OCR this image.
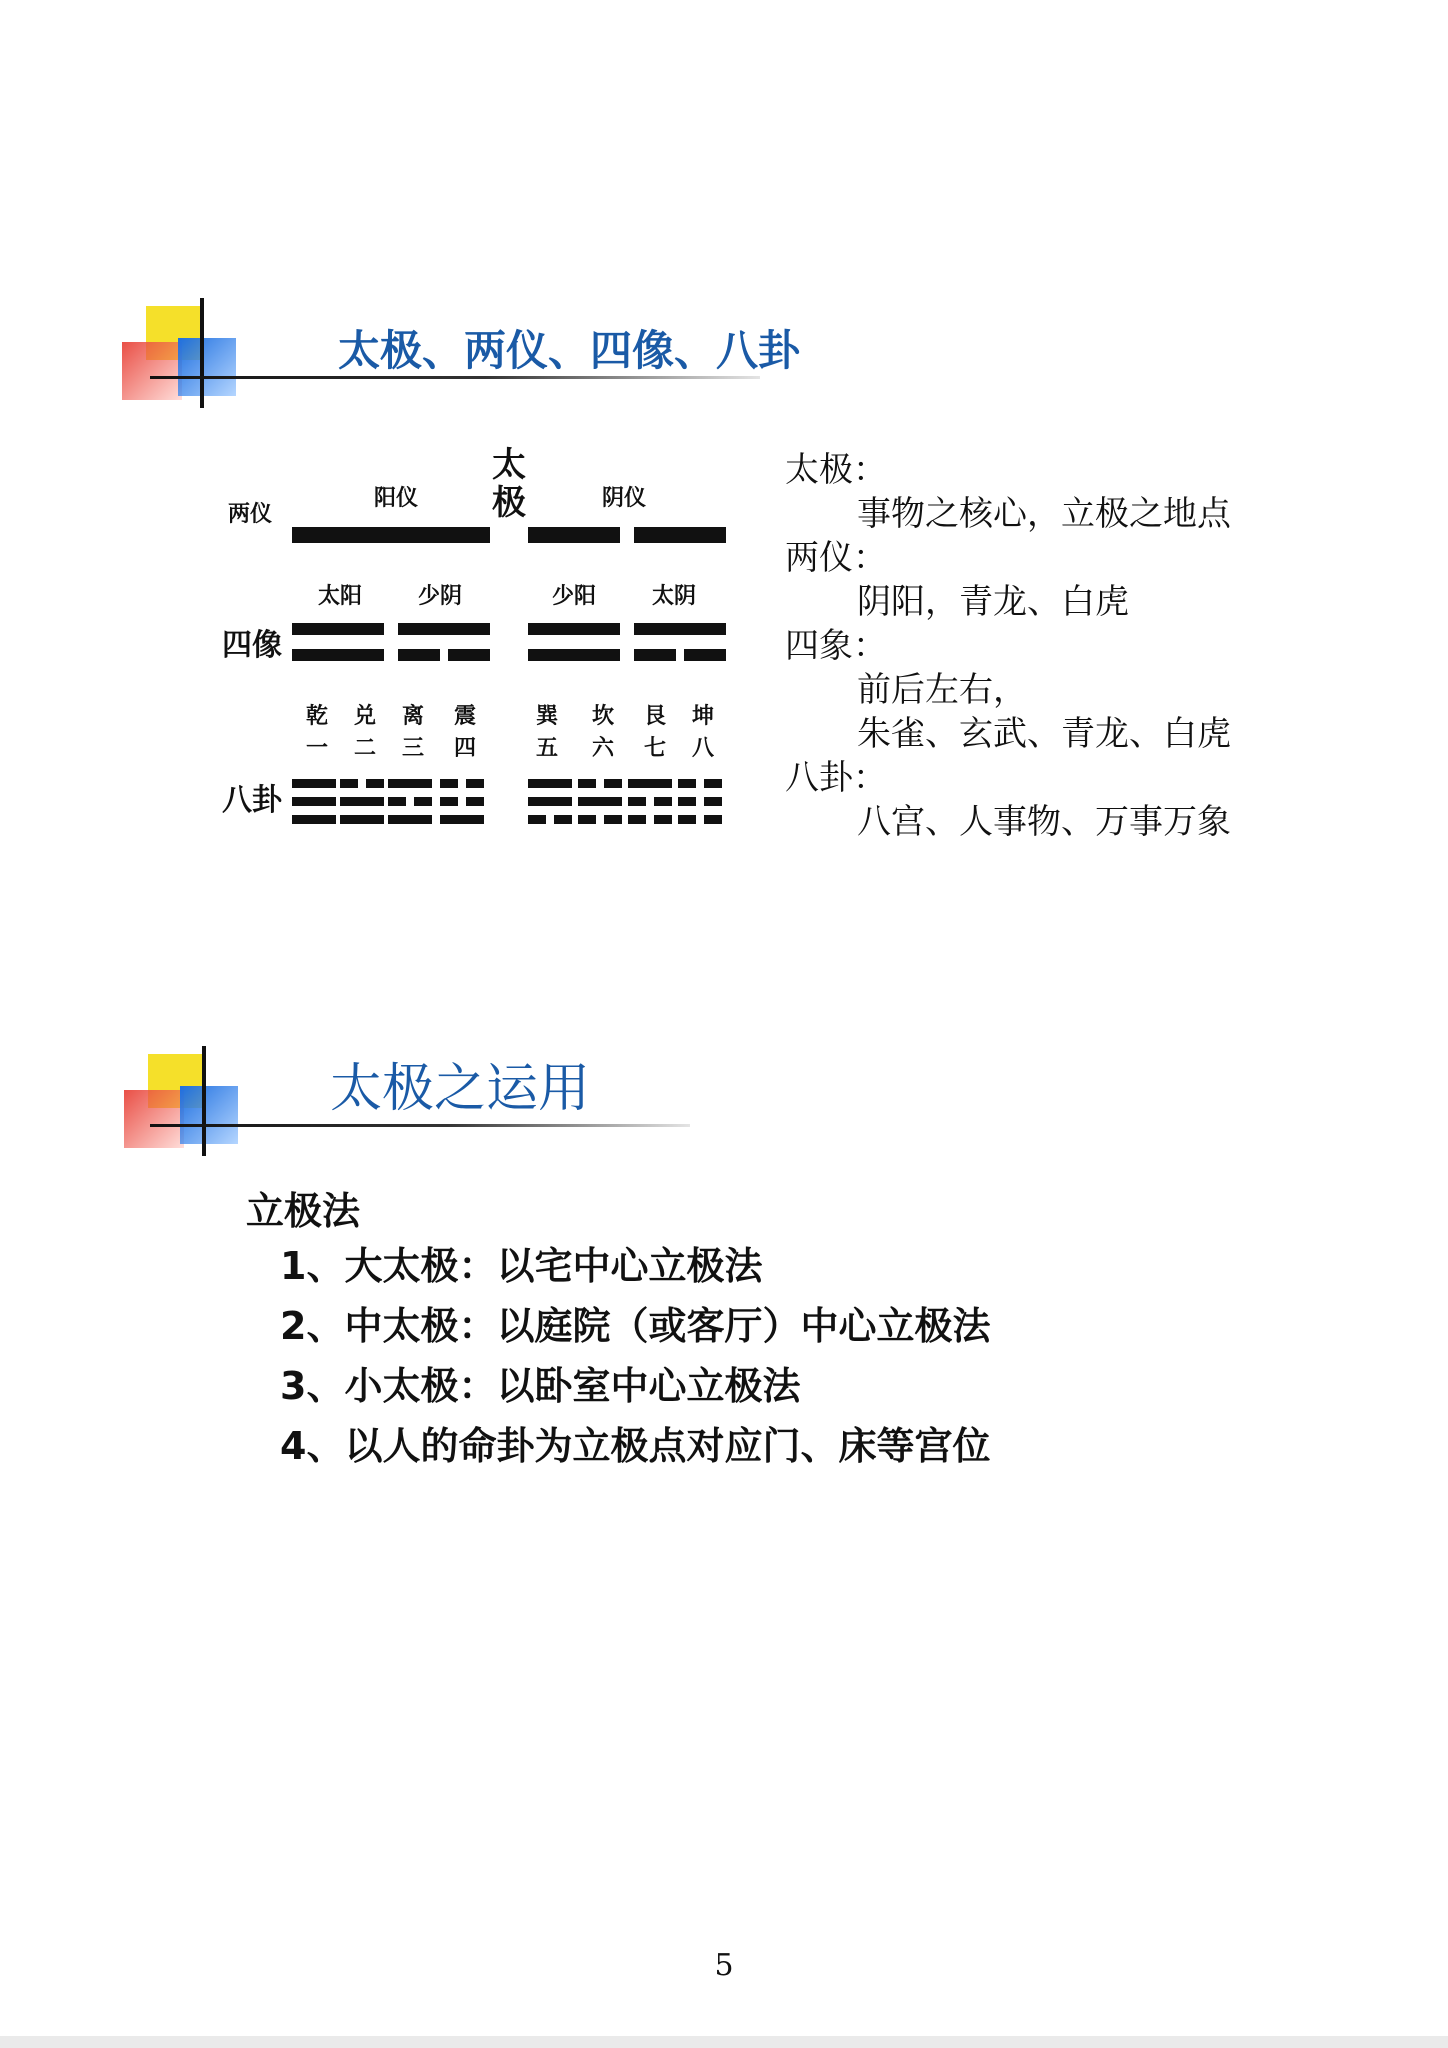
太极、两仪、四像、八卦
太
极
两仪
阳仪	阴仪
四像
太阳	少阴	少阳	太阴
八卦
乾
一
兑
二
离
三
震
四
巽
五
坎
六
艮
七
坤
八
太极：
事物之核心，立极之地点
两仪：
阴阳，青龙、白虎
四象：
前后左右，
朱雀、玄武、青龙、白虎
八卦：
八宫、人事物、万事万象
太极之运用
立极法
1、大太极：以宅中心立极法
2、中太极：以庭院（或客厅）中心立极法
3、小太极：以卧室中心立极法
4、以人的命卦为立极点对应门、床等宫位
5
